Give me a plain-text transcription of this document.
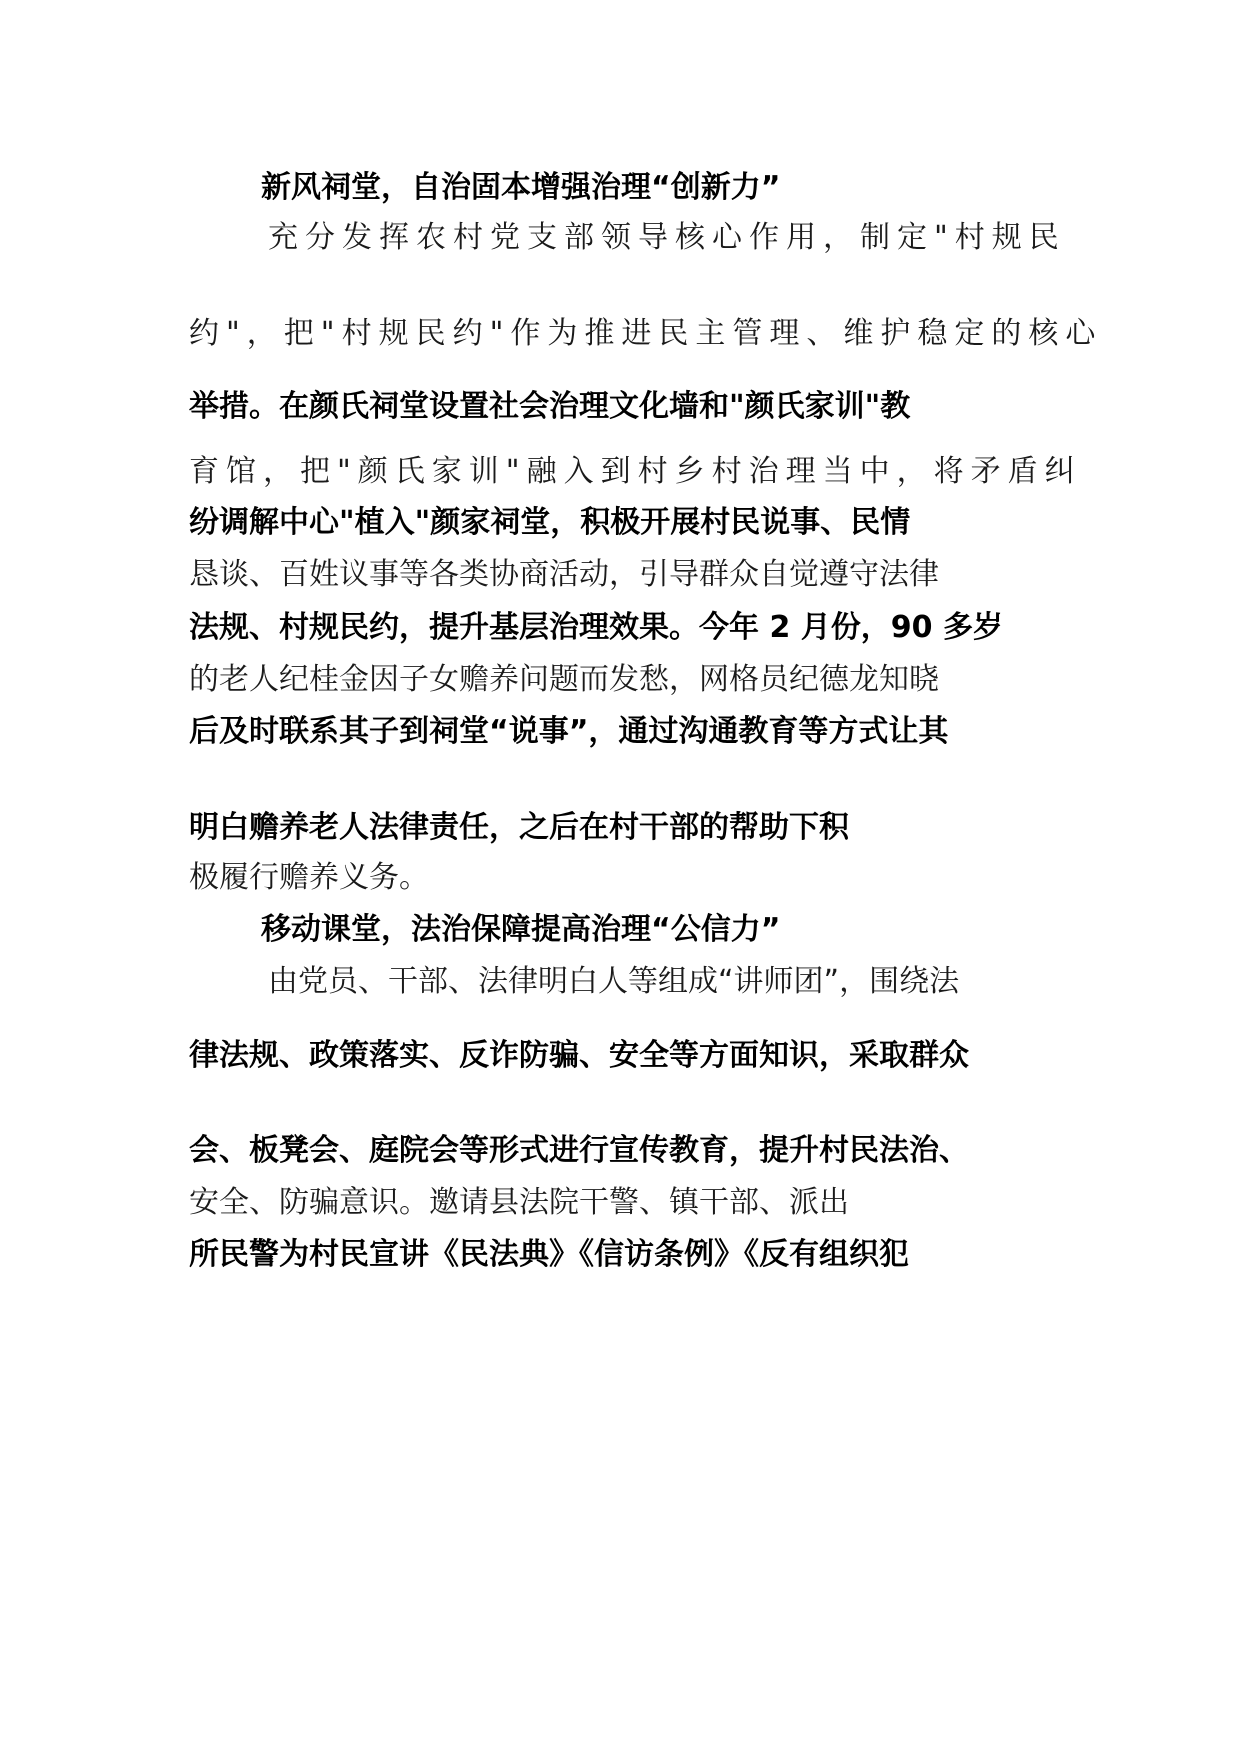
新风祠堂，自治固本增强治理“创新力”
充分发挥农村党支部领导核心作用，制定"村规民
约"，把"村规民约"作为推进民主管理、维护稳定的核心
举措。在颜氏祠堂设置社会治理文化墙和"颜氏家训"教
育馆，把"颜氏家训"融入到村乡村治理当中，将矛盾纠
纷调解中心"植入"颜家祠堂，积极开展村民说事、民情
恳谈、百姓议事等各类协商活动，引导群众自觉遵守法律
法规、村规民约，提升基层治理效果。今年 2 月份，90 多岁
的老人纪桂金因子女赡养问题而发愁，网格员纪德龙知晓
后及时联系其子到祠堂“说事”，通过沟通教育等方式让其
明白赡养老人法律责任，之后在村干部的帮助下积
极履行赡养义务。
移动课堂，法治保障提高治理“公信力”
由党员、干部、法律明白人等组成“讲师团”，围绕法
律法规、政策落实、反诈防骗、安全等方面知识，采取群众
会、板凳会、庭院会等形式进行宣传教育，提升村民法治、
安全、防骗意识。邀请县法院干警、镇干部、派出
所民警为村民宣讲《民法典》《信访条例》《反有组织犯
